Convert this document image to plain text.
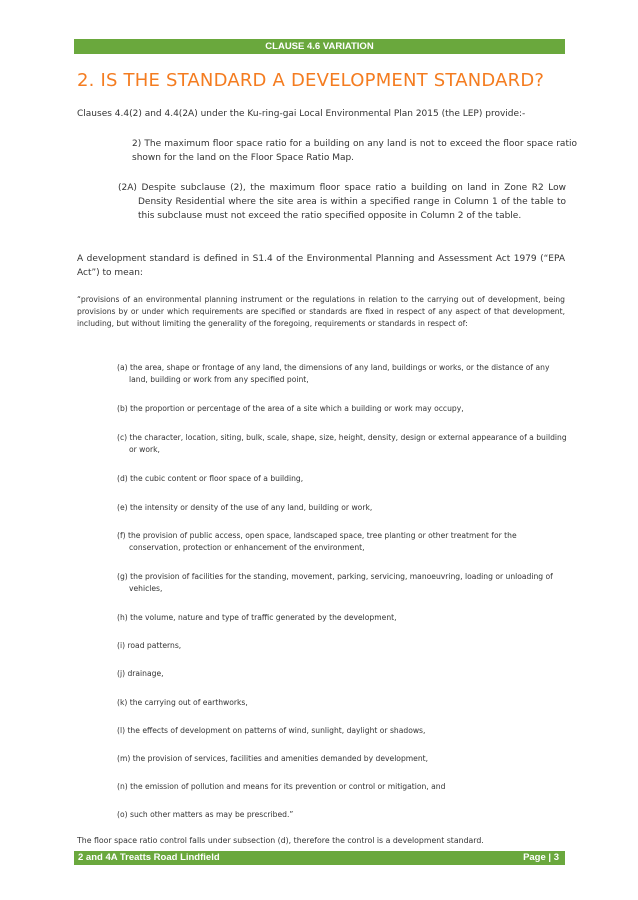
CLAUSE 4.6 VARIATION
2. IS THE STANDARD A DEVELOPMENT STANDARD?
Clauses 4.4(2) and 4.4(2A) under the Ku-ring-gai Local Environmental Plan 2015 (the LEP) provide:-
2) The maximum floor space ratio for a building on any land is not to exceed the floor space ratio shown for the land on the Floor Space Ratio Map.
(2A) Despite subclause (2), the maximum floor space ratio a building on land in Zone R2 Low Density Residential where the site area is within a specified range in Column 1 of the table to this subclause must not exceed the ratio specified opposite in Column 2 of the table.
A development standard is defined in S1.4 of the Environmental Planning and Assessment Act 1979 (“EPA Act”) to mean:
“provisions of an environmental planning instrument or the regulations in relation to the carrying out of development, being provisions by or under which requirements are specified or standards are fixed in respect of any aspect of that development, including, but without limiting the generality of the foregoing, requirements or standards in respect of:
(a) the area, shape or frontage of any land, the dimensions of any land, buildings or works, or the distance of any land, building or work from any specified point,
(b) the proportion or percentage of the area of a site which a building or work may occupy,
(c) the character, location, siting, bulk, scale, shape, size, height, density, design or external appearance of a building or work,
(d) the cubic content or floor space of a building,
(e) the intensity or density of the use of any land, building or work,
(f) the provision of public access, open space, landscaped space, tree planting or other treatment for the conservation, protection or enhancement of the environment,
(g) the provision of facilities for the standing, movement, parking, servicing, manoeuvring, loading or unloading of vehicles,
(h) the volume, nature and type of traffic generated by the development,
(i) road patterns,
(j) drainage,
(k) the carrying out of earthworks,
(l) the effects of development on patterns of wind, sunlight, daylight or shadows,
(m) the provision of services, facilities and amenities demanded by development,
(n) the emission of pollution and means for its prevention or control or mitigation, and
(o) such other matters as may be prescribed.”
The floor space ratio control falls under subsection (d), therefore the control is a development standard.
2 and 4A Treatts Road Lindfield	Page | 3
